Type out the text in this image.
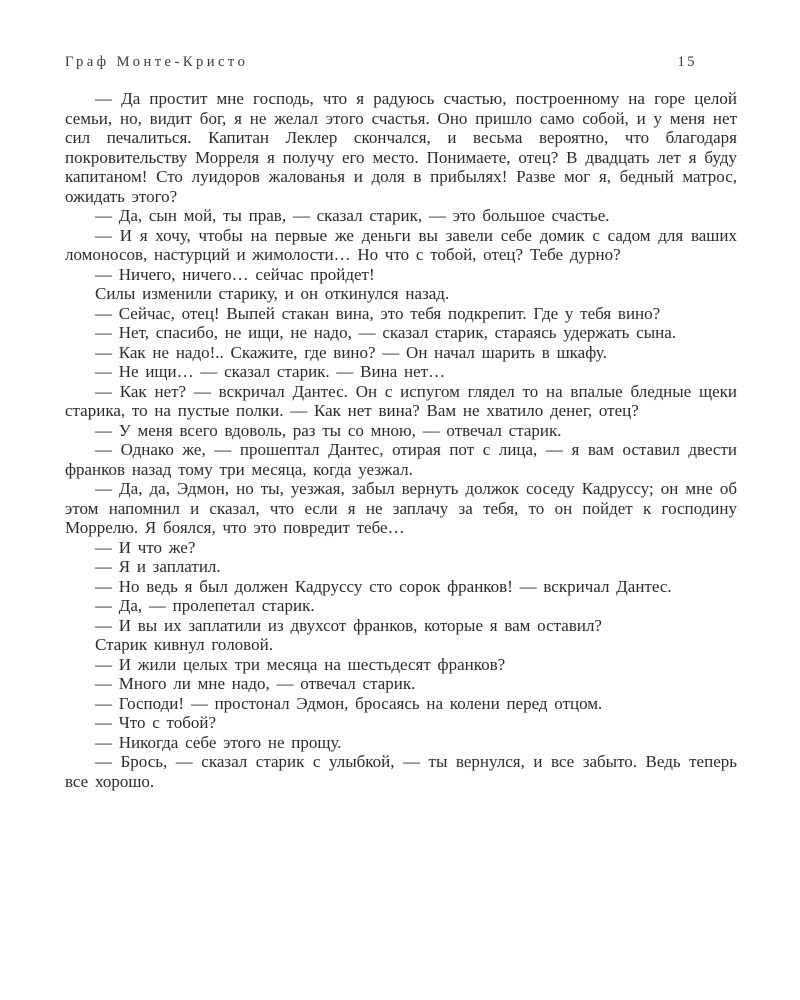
Граф Монте-Кристо	15

— Да простит мне господь, что я радуюсь счастью, построенному на горе целой семьи, но, видит бог, я не желал этого счастья. Оно пришло само собой, и у меня нет сил печалиться. Капитан Леклер скончался, и весьма вероятно, что благодаря покровительству Морреля я получу его место. Понимаете, отец? В двадцать лет я буду капитаном! Сто луидоров жалованья и доля в прибылях! Разве мог я, бедный матрос, ожидать этого?

— Да, сын мой, ты прав, — сказал старик, — это большое счастье.

— И я хочу, чтобы на первые же деньги вы завели себе домик с садом для ваших ломоносов, настурций и жимолости… Но что с тобой, отец? Тебе дурно?

— Ничего, ничего… сейчас пройдет!

Силы изменили старику, и он откинулся назад.

— Сейчас, отец! Выпей стакан вина, это тебя подкрепит. Где у тебя вино?

— Нет, спасибо, не ищи, не надо, — сказал старик, стараясь удержать сына.

— Как не надо!.. Скажите, где вино? — Он начал шарить в шкафу.

— Не ищи… — сказал старик. — Вина нет…

— Как нет? — вскричал Дантес. Он с испугом глядел то на впалые бледные щеки старика, то на пустые полки. — Как нет вина? Вам не хватило денег, отец?

— У меня всего вдоволь, раз ты со мною, — отвечал старик.

— Однако же, — прошептал Дантес, отирая пот с лица, — я вам оставил двести франков назад тому три месяца, когда уезжал.

— Да, да, Эдмон, но ты, уезжая, забыл вернуть должок соседу Кадруссу; он мне об этом напомнил и сказал, что если я не заплачу за тебя, то он пойдет к господину Моррелю. Я боялся, что это повредит тебе…

— И что же?

— Я и заплатил.

— Но ведь я был должен Кадруссу сто сорок франков! — вскричал Дантес.

— Да, — пролепетал старик.

— И вы их заплатили из двухсот франков, которые я вам оставил?

Старик кивнул головой.

— И жили целых три месяца на шестьдесят франков?

— Много ли мне надо, — отвечал старик.

— Господи! — простонал Эдмон, бросаясь на колени перед отцом.

— Что с тобой?

— Никогда себе этого не прощу.

— Брось, — сказал старик с улыбкой, — ты вернулся, и все забыто. Ведь теперь все хорошо.
